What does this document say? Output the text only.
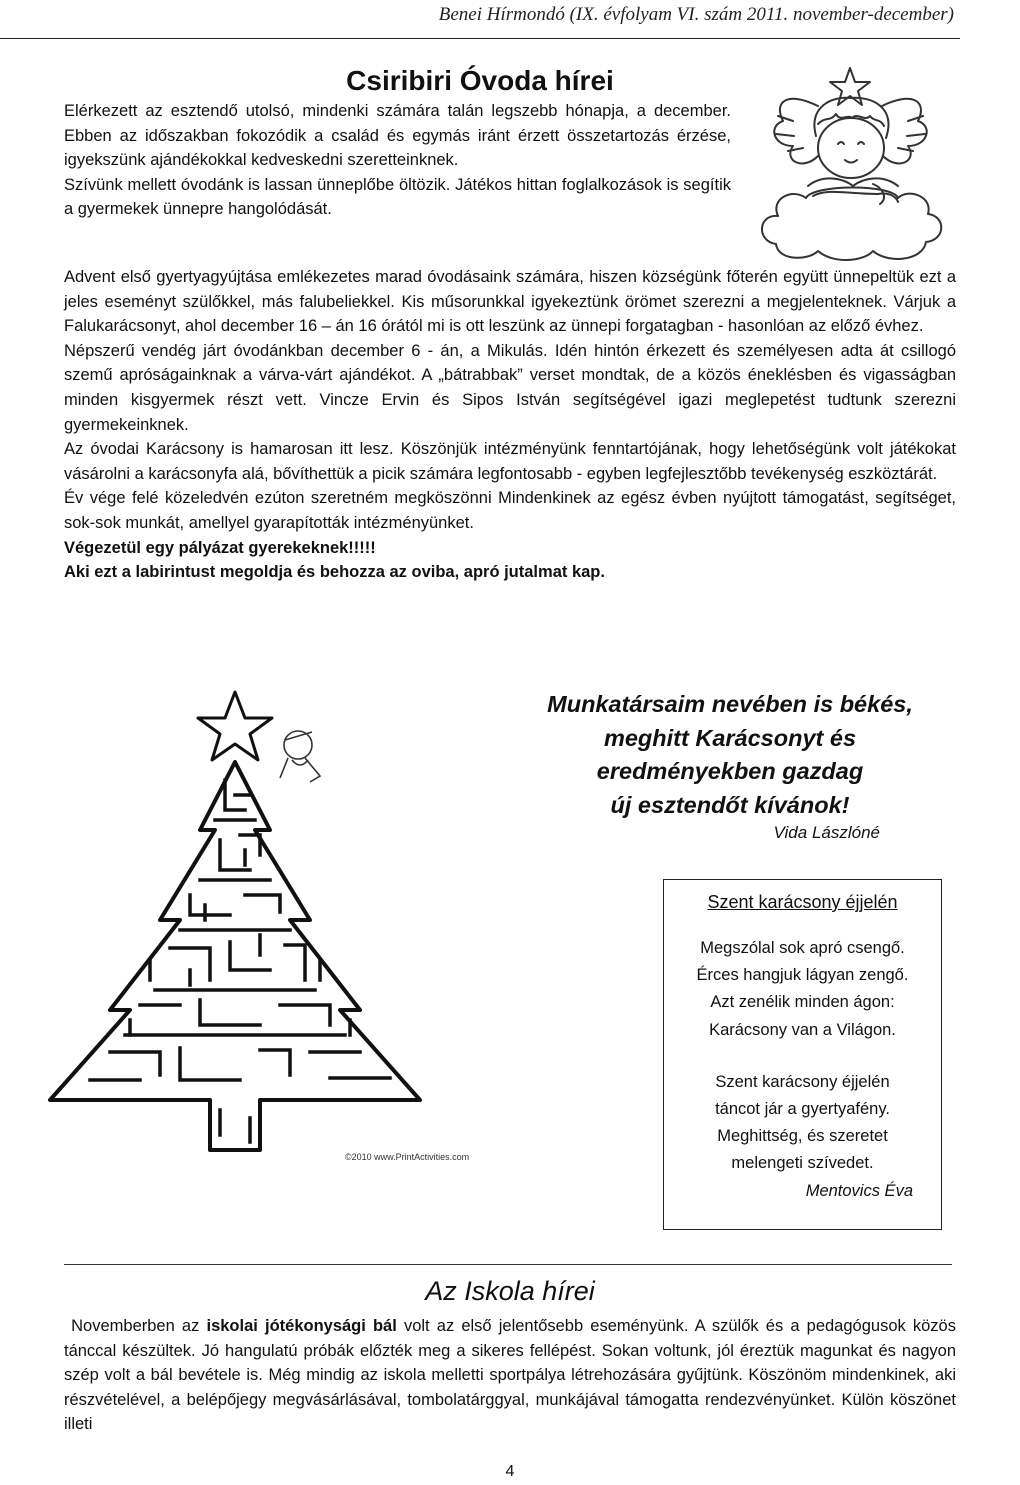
Benei Hírmondó (IX. évfolyam VI. szám 2011. november-december)
Csiribiri Óvoda hírei
Elérkezett az esztendő utolsó, mindenki számára talán legszebb hónapja, a december. Ebben az időszakban fokozódik a család és egymás iránt érzett összetartozás érzése, igyekszünk ajándékokkal kedveskedni szeretteinknek.
Szívünk mellett óvodánk is lassan ünneplőbe öltözik. Játékos hittan foglalkozások is segítik a gyermekek ünnepre hangolódását.
Advent első gyertyagyújtása emlékezetes marad óvodásaink számára, hiszen községünk főterén együtt ünnepeltük ezt a jeles eseményt szülőkkel, más falubeliekkel. Kis műsorunkkal igyekeztünk örömet szerezni a megjelenteknek. Várjuk a Falukarácsonyt, ahol december 16 – án 16 órától mi is ott leszünk az ünnepi forgatagban - hasonlóan az előző évhez.
Népszerű vendég járt óvodánkban december 6 - án, a Mikulás. Idén hintón érkezett és személyesen adta át csillogó szemű apróságainknak a várva-várt ajándékot. A „bátrabbak” verset mondtak, de a közös éneklésben és vigasságban minden kisgyermek részt vett. Vincze Ervin és Sipos István segítségével igazi meglepetést tudtunk szerezni gyermekeinknek.
Az óvodai Karácsony is hamarosan itt lesz. Köszönjük intézményünk fenntartójának, hogy lehetőségünk volt játékokat vásárolni a karácsonyfa alá, bővíthettük a picik számára legfontosabb - egyben legfejlesztőbb tevékenység eszköztárát.
Év vége felé közeledvén ezúton szeretném megköszönni Mindenkinek az egész évben nyújtott támogatást, segítséget, sok-sok munkát, amellyel gyarapították intézményünket.
Végezetül egy pályázat gyerekeknek!!!!!
Aki ezt a labirintust megoldja és behozza az oviba, apró jutalmat kap.
©2010 www.PrintActivities.com
Munkatársaim nevében is békés,
meghitt Karácsonyt és
eredményekben gazdag
új esztendőt kívánok!
Vida Lászlóné
Szent karácsony éjjelén
Megszólal sok apró csengő.
Érces hangjuk lágyan zengő.
Azt zenélik minden ágon:
Karácsony van a Világon.
Szent karácsony éjjelén
táncot jár a gyertyafény.
Meghittség, és szeretet
melengeti szívedet.
Mentovics Éva
Az Iskola hírei
Novemberben az iskolai jótékonysági bál volt az első jelentősebb eseményünk. A szülők és a pedagógusok közös tánccal készültek. Jó hangulatú próbák előzték meg a sikeres fellépést. Sokan voltunk, jól éreztük magunkat és nagyon szép volt a bál bevétele is. Még mindig az iskola melletti sportpálya létrehozására gyűjtünk. Köszönöm mindenkinek, aki részvételével, a belépőjegy megvásárlásával, tombolatárggyal, munkájával támogatta rendezvényünket. Külön köszönet illeti
4
